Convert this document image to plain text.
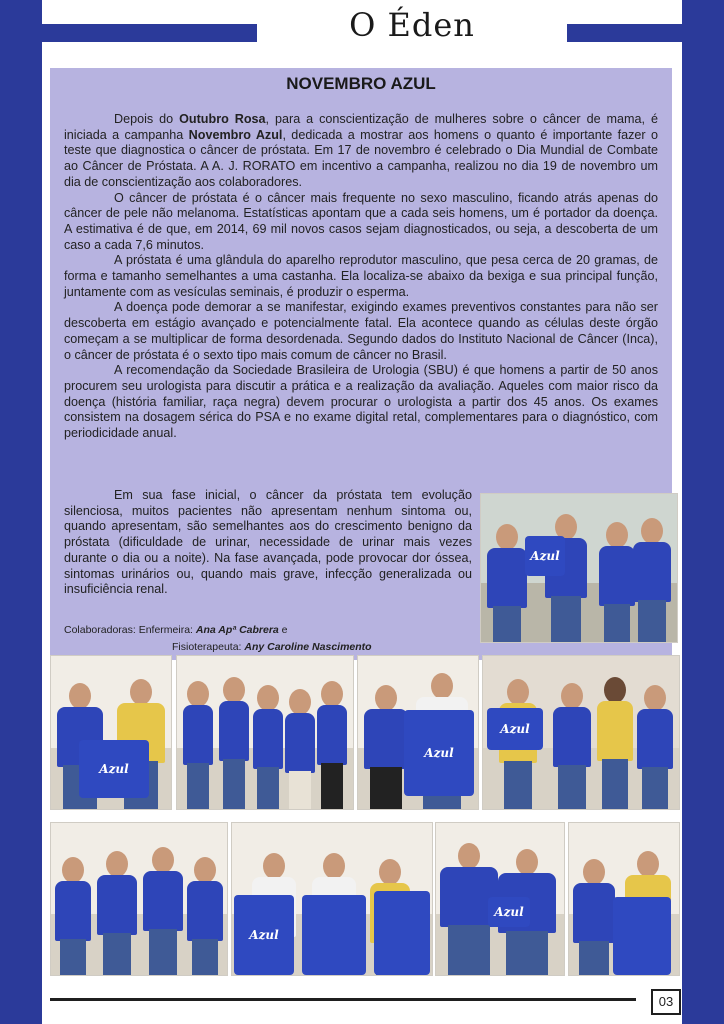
O Éden
NOVEMBRO AZUL

Depois do Outubro Rosa, para a conscientização de mulheres sobre o câncer de mama, é iniciada a campanha Novembro Azul, dedicada a mostrar aos homens o quanto é importante fazer o teste que diagnostica o câncer de próstata. Em 17 de novembro é celebrado o Dia Mundial de Combate ao Câncer de Próstata. A A. J. RORATO em incentivo a campanha, realizou no dia 19 de novembro um dia de conscientização aos colaboradores.

O câncer de próstata é o câncer mais frequente no sexo masculino, ficando atrás apenas do câncer de pele não melanoma. Estatísticas apontam que a cada seis homens, um é portador da doença. A estimativa é de que, em 2014, 69 mil novos casos sejam diagnosticados, ou seja, a descoberta de um caso a cada 7,6 minutos.

A próstata é uma glândula do aparelho reprodutor masculino, que pesa cerca de 20 gramas, de forma e tamanho semelhantes a uma castanha. Ela localiza-se abaixo da bexiga e sua principal função, juntamente com as vesículas seminais, é produzir o esperma.

A doença pode demorar a se manifestar, exigindo exames preventivos constantes para não ser descoberta em estágio avançado e potencialmente fatal. Ela acontece quando as células deste órgão começam a se multiplicar de forma desordenada. Segundo dados do Instituto Nacional de Câncer (Inca), o câncer de próstata é o sexto tipo mais comum de câncer no Brasil.

A recomendação da Sociedade Brasileira de Urologia (SBU) é que homens a partir de 50 anos procurem seu urologista para discutir a prática e a realização da avaliação. Aqueles com maior risco da doença (história familiar, raça negra) devem procurar o urologista a partir dos 45 anos. Os exames consistem na dosagem sérica do PSA e no exame digital retal, complementares para o diagnóstico, com periodicidade anual.

Em sua fase inicial, o câncer da próstata tem evolução silenciosa, muitos pacientes não apresentam nenhum sintoma ou, quando apresentam, são semelhantes aos do crescimento benigno da próstata (dificuldade de urinar, necessidade de urinar mais vezes durante o dia ou a noite). Na fase avançada, pode provocar dor óssea, sintomas urinários ou, quando mais grave, infecção generalizada ou insuficiência renal.

Colaboradoras: Enfermeira: Ana Apª Cabrera e
Fisioterapeuta: Any Caroline Nascimento
Azul
Azul
Azul
Azul
Azul
Azul
03
